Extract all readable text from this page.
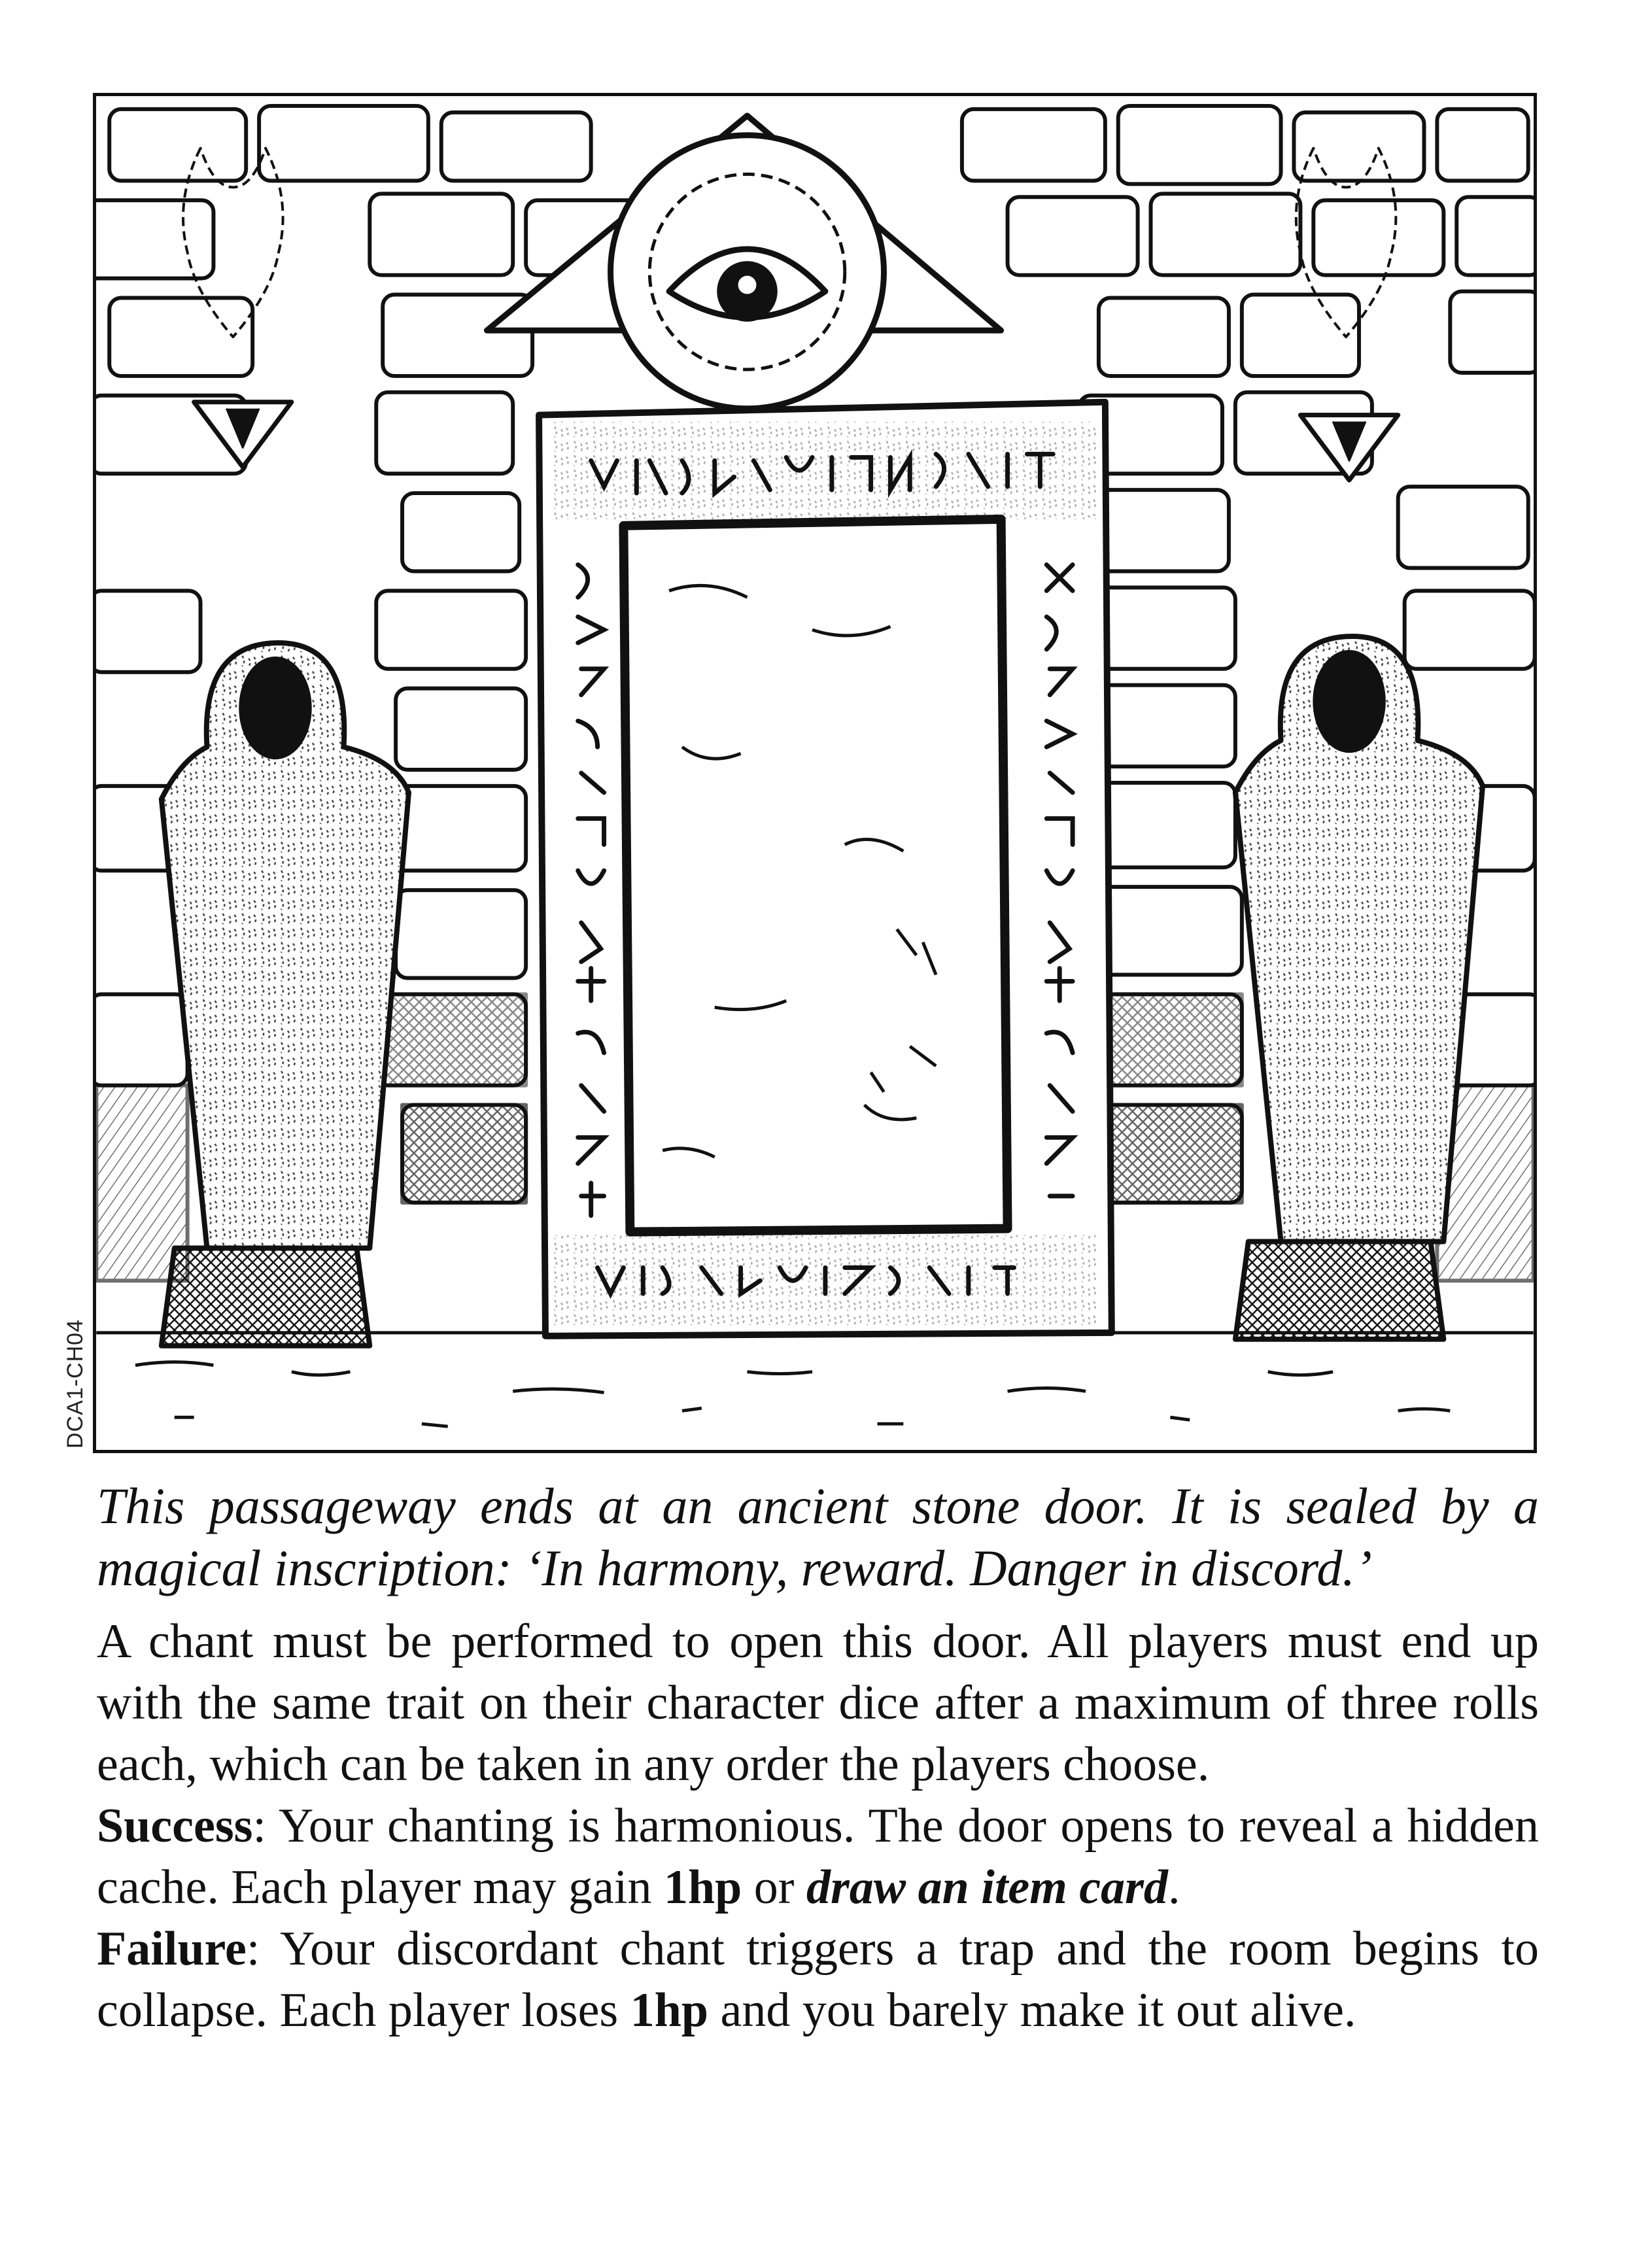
DCA1-CH04

This passageway ends at an ancient stone door. It is sealed by a magical inscription: ‘In harmony, reward. Danger in discord.’

A chant must be performed to open this door. All players must end up with the same trait on their character dice after a maximum of three rolls each, which can be taken in any order the players choose.

Success: Your chanting is harmonious. The door opens to reveal a hidden cache. Each player may gain 1hp or draw an item card.

Failure: Your discordant chant triggers a trap and the room begins to collapse. Each player loses 1hp and you barely make it out alive.
